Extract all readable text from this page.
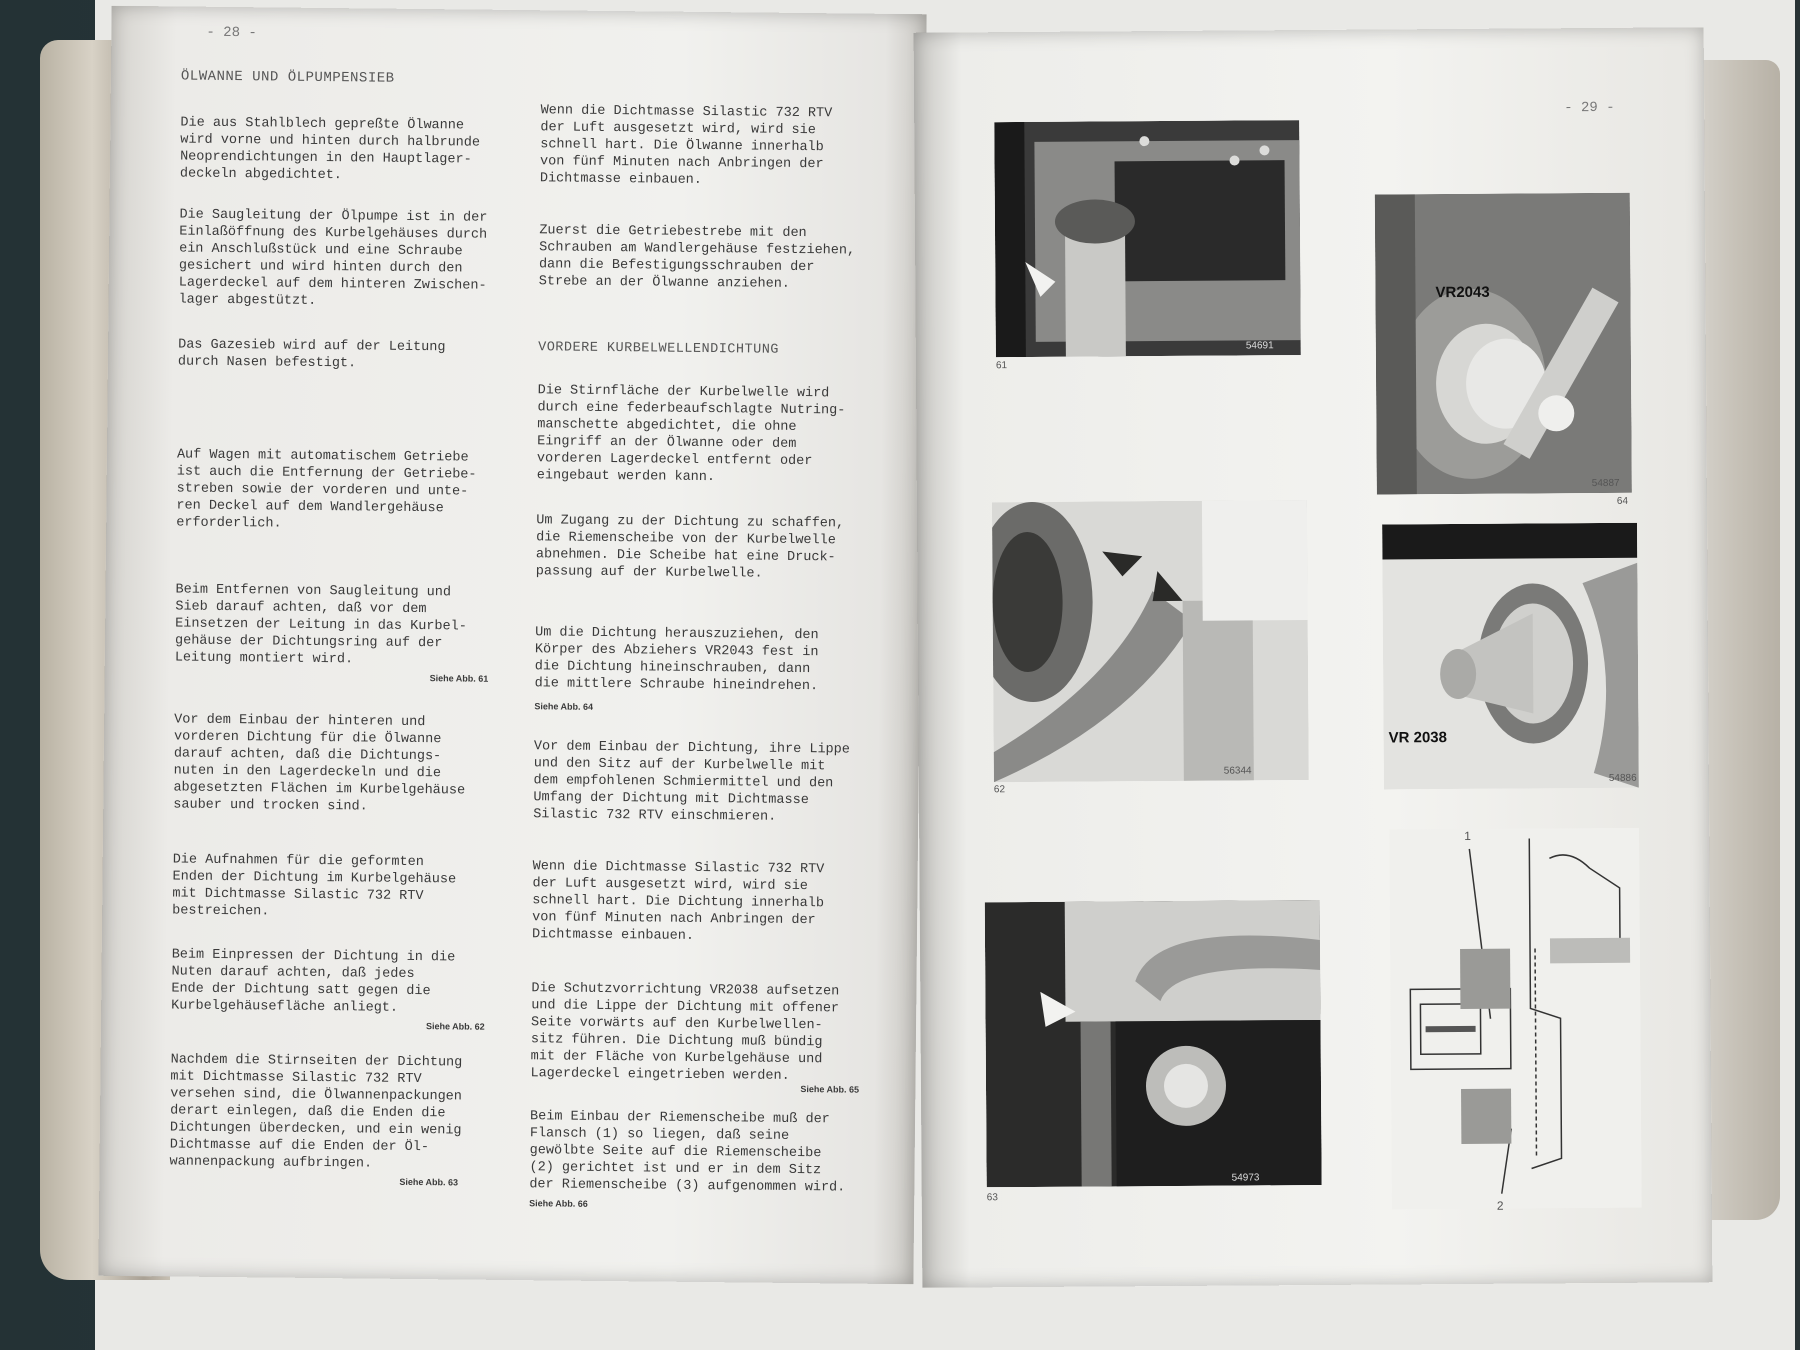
- 28 -
ÖLWANNE UND ÖLPUMPENSIEB
Die aus Stahlblech gepreßte Ölwanne
wird vorne und hinten durch halbrunde
Neoprendichtungen in den Hauptlager-
deckeln abgedichtet.
Die Saugleitung der Ölpumpe ist in der
Einlaßöffnung des Kurbelgehäuses durch
ein Anschlußstück und eine Schraube
gesichert und wird hinten durch den
Lagerdeckel auf dem hinteren Zwischen-
lager abgestützt.
Das Gazesieb wird auf der Leitung
durch Nasen befestigt.
Auf Wagen mit automatischem Getriebe
ist auch die Entfernung der Getriebe-
streben sowie der vorderen und unte-
ren Deckel auf dem Wandlergehäuse
erforderlich.
Beim Entfernen von Saugleitung und
Sieb darauf achten, daß vor dem
Einsetzen der Leitung in das Kurbel-
gehäuse der Dichtungsring auf der
Leitung montiert wird.
Siehe Abb. 61
Vor dem Einbau der hinteren und
vorderen Dichtung für die Ölwanne
darauf achten, daß die Dichtungs-
nuten in den Lagerdeckeln und die
abgesetzten Flächen im Kurbelgehäuse
sauber und trocken sind.
Die Aufnahmen für die geformten
Enden der Dichtung im Kurbelgehäuse
mit Dichtmasse Silastic 732 RTV
bestreichen.
Beim Einpressen der Dichtung in die
Nuten darauf achten, daß jedes
Ende der Dichtung satt gegen die
Kurbelgehäusefläche anliegt.
Siehe Abb. 62
Nachdem die Stirnseiten der Dichtung
mit Dichtmasse Silastic 732 RTV
versehen sind, die Ölwannenpackungen
derart einlegen, daß die Enden die
Dichtungen überdecken, und ein wenig
Dichtmasse auf die Enden der Öl-
wannenpackung aufbringen.
Siehe Abb. 63
Wenn die Dichtmasse Silastic 732 RTV
der Luft ausgesetzt wird, wird sie
schnell hart. Die Ölwanne innerhalb
von fünf Minuten nach Anbringen der
Dichtmasse einbauen.
Zuerst die Getriebestrebe mit den
Schrauben am Wandlergehäuse festziehen,
dann die Befestigungsschrauben der
Strebe an der Ölwanne anziehen.
VORDERE KURBELWELLENDICHTUNG
Die Stirnfläche der Kurbelwelle wird
durch eine federbeaufschlagte Nutring-
manschette abgedichtet, die ohne
Eingriff an der Ölwanne oder dem
vorderen Lagerdeckel entfernt oder
eingebaut werden kann.
Um Zugang zu der Dichtung zu schaffen,
die Riemenscheibe von der Kurbelwelle
abnehmen. Die Scheibe hat eine Druck-
passung auf der Kurbelwelle.
Um die Dichtung herauszuziehen, den
Körper des Abziehers VR2043 fest in
die Dichtung hineinschrauben, dann
die mittlere Schraube hineindrehen.
Siehe Abb. 64
Vor dem Einbau der Dichtung, ihre Lippe
und den Sitz auf der Kurbelwelle mit
dem empfohlenen Schmiermittel und den
Umfang der Dichtung mit Dichtmasse
Silastic 732 RTV einschmieren.
Wenn die Dichtmasse Silastic 732 RTV
der Luft ausgesetzt wird, wird sie
schnell hart. Die Dichtung innerhalb
von fünf Minuten nach Anbringen der
Dichtmasse einbauen.
Die Schutzvorrichtung VR2038 aufsetzen
und die Lippe der Dichtung mit offener
Seite vorwärts auf den Kurbelwellen-
sitz führen. Die Dichtung muß bündig
mit der Fläche von Kurbelgehäuse und
Lagerdeckel eingetrieben werden.
Siehe Abb. 65
Beim Einbau der Riemenscheibe muß der
Flansch (1) so liegen, daß seine
gewölbte Seite auf die Riemenscheibe
(2) gerichtet ist und er in dem Sitz
der Riemenscheibe (3) aufgenommen wird.
Siehe Abb. 66
- 29 -
61
54691
VR2043
54887
64
62
56344
VR 2038
54886
63
54973
1
2
